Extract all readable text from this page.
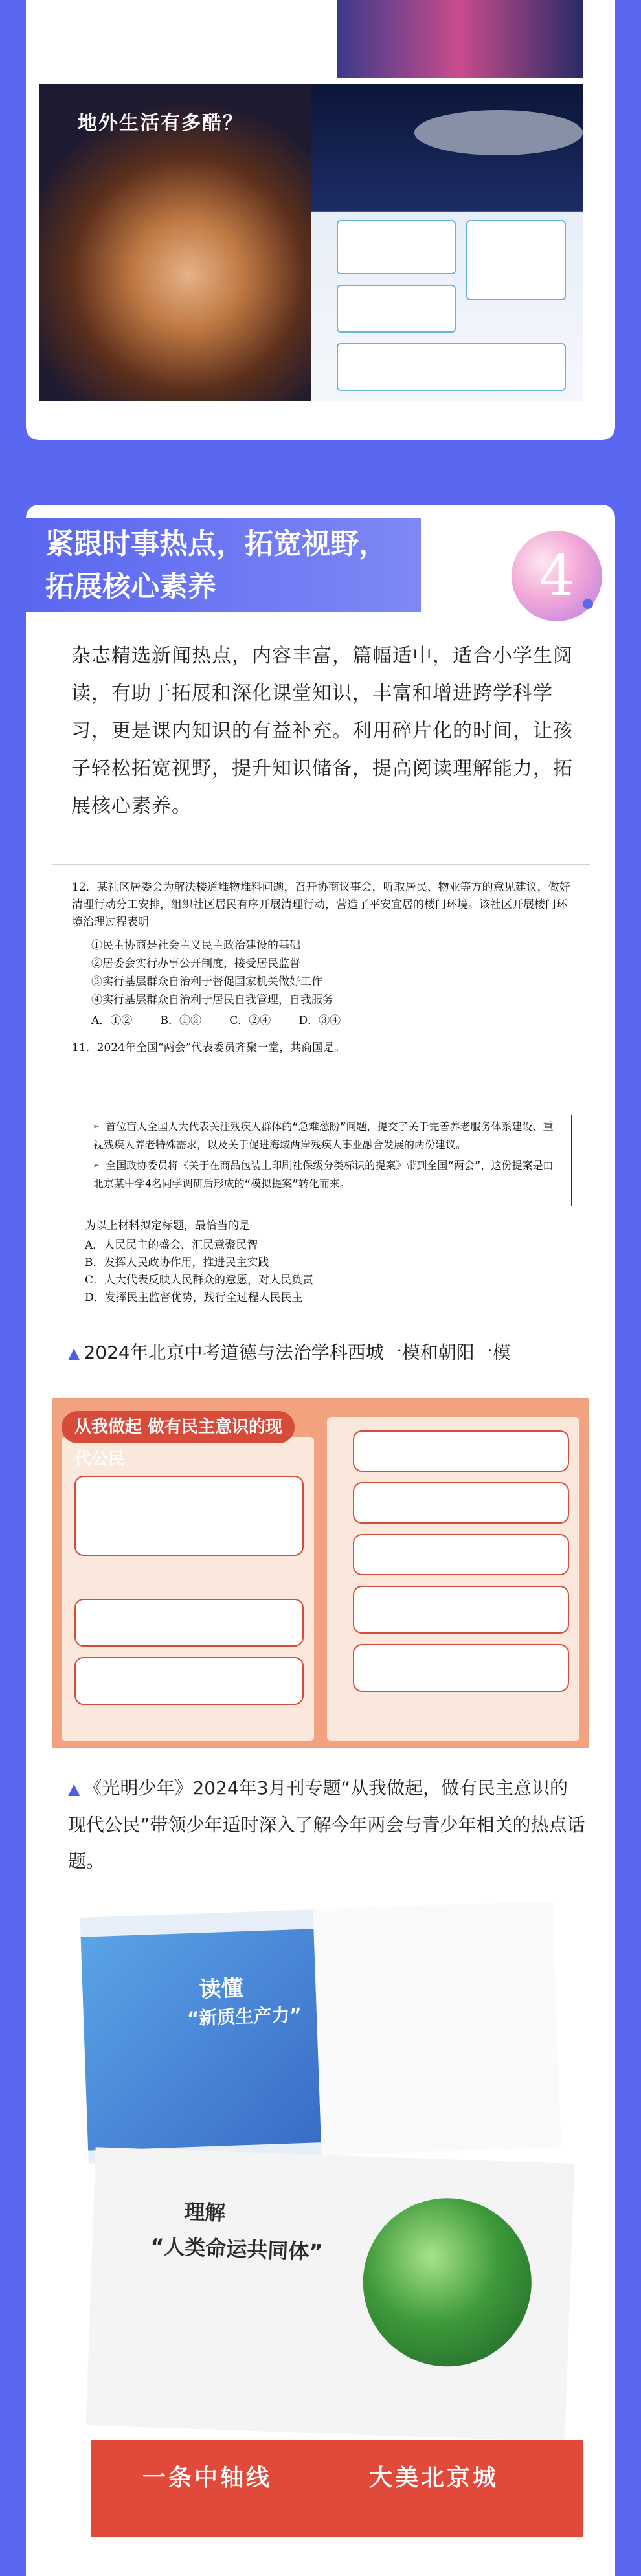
地外生活有多酷？
紧跟时事热点，拓宽视野，
拓展核心素养	4
杂志精选新闻热点，内容丰富，篇幅适中，适合小学生阅读，有助于拓展和深化课堂知识，丰富和增进跨学科学习，更是课内知识的有益补充。利用碎片化的时间，让孩子轻松拓宽视野，提升知识储备，提高阅读理解能力，拓展核心素养。

12．某社区居委会为解决楼道堆物堆料问题，召开协商议事会，听取居民、物业等方的意见建议，做好清理行动分工安排，组织社区居民有序开展清理行动，营造了平安宜居的楼门环境。该社区开展楼门环境治理过程表明

①民主协商是社会主义民主政治建设的基础

②居委会实行办事公开制度，接受居民监督

③实行基层群众自治利于督促国家机关做好工作

④实行基层群众自治利于居民自我管理，自我服务

A．①②        B．①③        C．②④        D．③④

11．2024年全国“两会”代表委员齐聚一堂，共商国是。

➢ 首位盲人全国人大代表关注残疾人群体的“急难愁盼”问题，提交了关于完善养老服务体系建设、重视残疾人养老特殊需求，以及关于促进海域两岸残疾人事业融合发展的两份建议。

➢ 全国政协委员将《关于在商品包装上印刷社保级分类标识的提案》带到全国“两会”，这份提案是由北京某中学4名同学调研后形成的“模拟提案”转化而来。

为以上材料拟定标题，最恰当的是

A．人民民主的盛会，汇民意聚民智

B．发挥人民政协作用，推进民主实践

C．人大代表反映人民群众的意愿，对人民负责

D．发挥民主监督优势，践行全过程人民民主

▲ 2024年北京中考道德与法治学科西城一模和朝阳一模
从我做起 做有民主意识的现代公民
▲ 《光明少年》2024年3月刊专题“从我做起，做有民主意识的现代公民”带领少年适时深入了解今年两会与青少年相关的热点话题。
读懂
“新质生产力”
理解
“人类命运共同体”
一条中轴线	大美北京城
